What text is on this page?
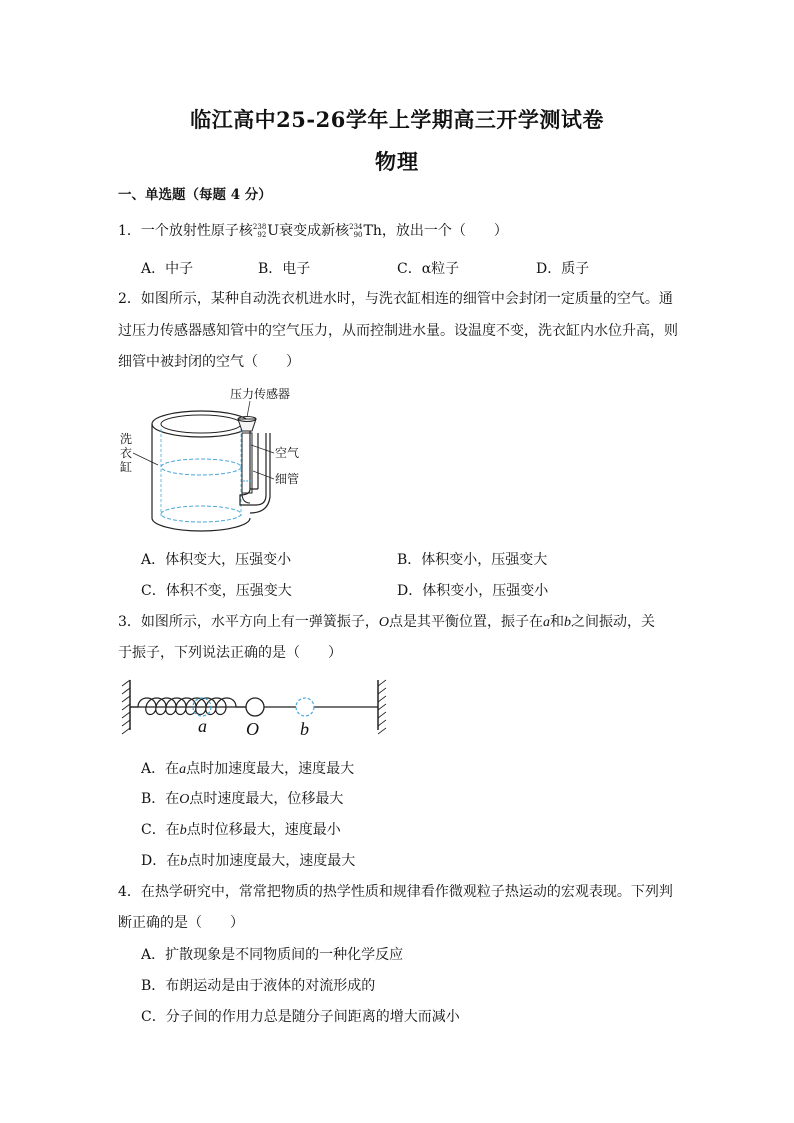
临江高中25-26学年上学期高三开学测试卷
物理
一、单选题（每题 4 分）
1．一个放射性原子核 238
92 U衰变成新核 234
90 Th，放出一个（　　）
A．中子	B．电子	C．α粒子	D．质子
2．如图所示，某种自动洗衣机进水时，与洗衣缸相连的细管中会封闭一定质量的空气。通
过压力传感器感知管中的空气压力，从而控制进水量。设温度不变，洗衣缸内水位升高，则
细管中被封闭的空气（　　）
压力传感器
空气
细管
洗
衣
缸
A．体积变大，压强变小	B．体积变小，压强变大
C．体积不变，压强变大	D．体积变小，压强变小
3．如图所示，水平方向上有一弹簧振子，O点是其平衡位置，振子在a和b之间振动，关
于振子，下列说法正确的是（　　）
a O b
A．在a点时加速度最大，速度最大
B．在O点时速度最大，位移最大
C．在b点时位移最大，速度最小
D．在b点时加速度最大，速度最大
4．在热学研究中，常常把物质的热学性质和规律看作微观粒子热运动的宏观表现。下列判
断正确的是（　　）
A．扩散现象是不同物质间的一种化学反应
B．布朗运动是由于液体的对流形成的
C．分子间的作用力总是随分子间距离的增大而减小
